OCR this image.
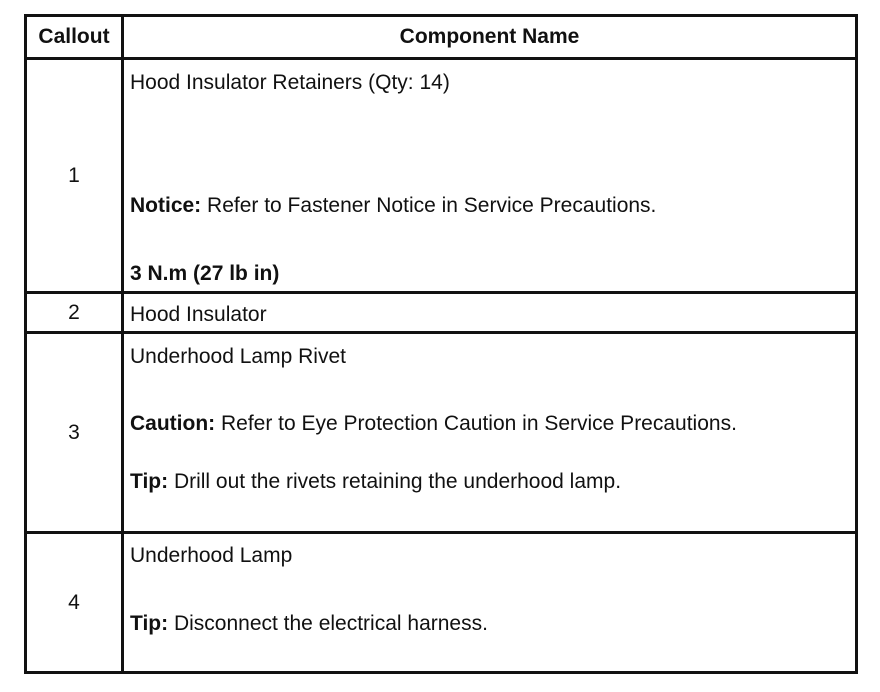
Callout	Component Name
1
Hood Insulator Retainers (Qty: 14)
Notice: Refer to Fastener Notice in Service Precautions.
3 N.m (27 lb in)
2	Hood Insulator
3
Underhood Lamp Rivet
Caution: Refer to Eye Protection Caution in Service Precautions.
Tip: Drill out the rivets retaining the underhood lamp.
4
Underhood Lamp
Tip: Disconnect the electrical harness.
